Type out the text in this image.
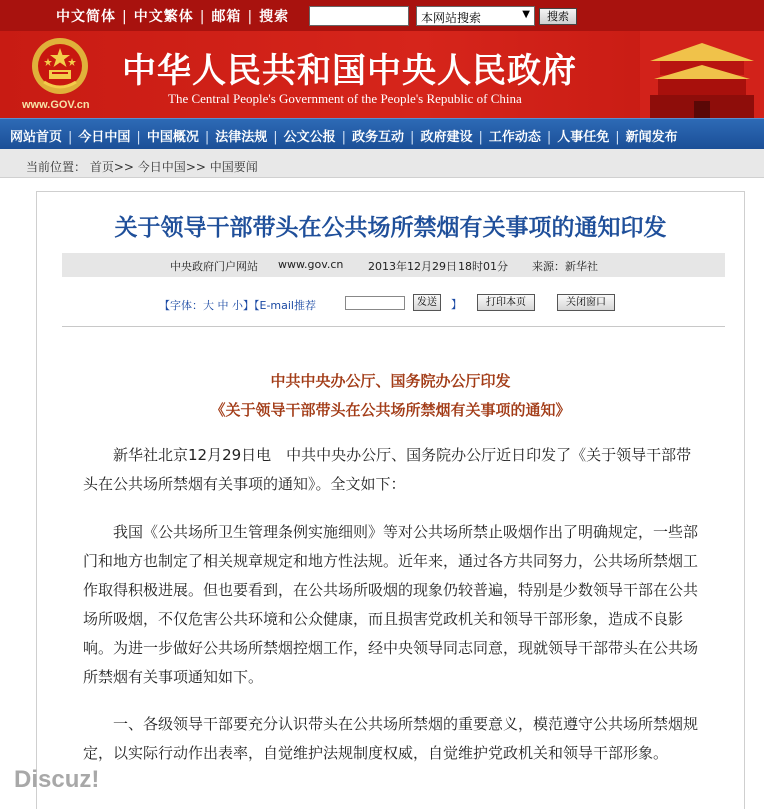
中文简体 | 中文繁体 | 邮箱 | 搜索	本网站搜索	▼	搜索
www.GOV.cn
中华人民共和国中央人民政府
The Central People's Government of the People's Republic of China
网站首页 | 今日中国 | 中国概况 | 法律法规 | 公文公报 | 政务互动 | 政府建设 | 工作动态 | 人事任免 | 新闻发布
当前位置： 首页>> 今日中国>> 中国要闻
关于领导干部带头在公共场所禁烟有关事项的通知印发
中央政府门户网站 www.gov.cn 2013年12月29日 18时01分 来源：新华社
【字体：大 中 小】【E-mail推荐	发送	】	打印本页	关闭窗口
中共中央办公厅、国务院办公厅印发
《关于领导干部带头在公共场所禁烟有关事项的通知》
新华社北京12月29日电　中共中央办公厅、国务院办公厅近日印发了《关于领导干部带头在公共场所禁烟有关事项的通知》。全文如下：
我国《公共场所卫生管理条例实施细则》等对公共场所禁止吸烟作出了明确规定，一些部门和地方也制定了相关规章规定和地方性法规。近年来，通过各方共同努力，公共场所禁烟工作取得积极进展。但也要看到，在公共场所吸烟的现象仍较普遍，特别是少数领导干部在公共场所吸烟，不仅危害公共环境和公众健康，而且损害党政机关和领导干部形象，造成不良影响。为进一步做好公共场所禁烟控烟工作，经中央领导同志同意，现就领导干部带头在公共场所禁烟有关事项通知如下。
一、各级领导干部要充分认识带头在公共场所禁烟的重要意义，模范遵守公共场所禁烟规定，以实际行动作出表率，自觉维护法规制度权威，自觉维护党政机关和领导干部形象。
Discuz!
